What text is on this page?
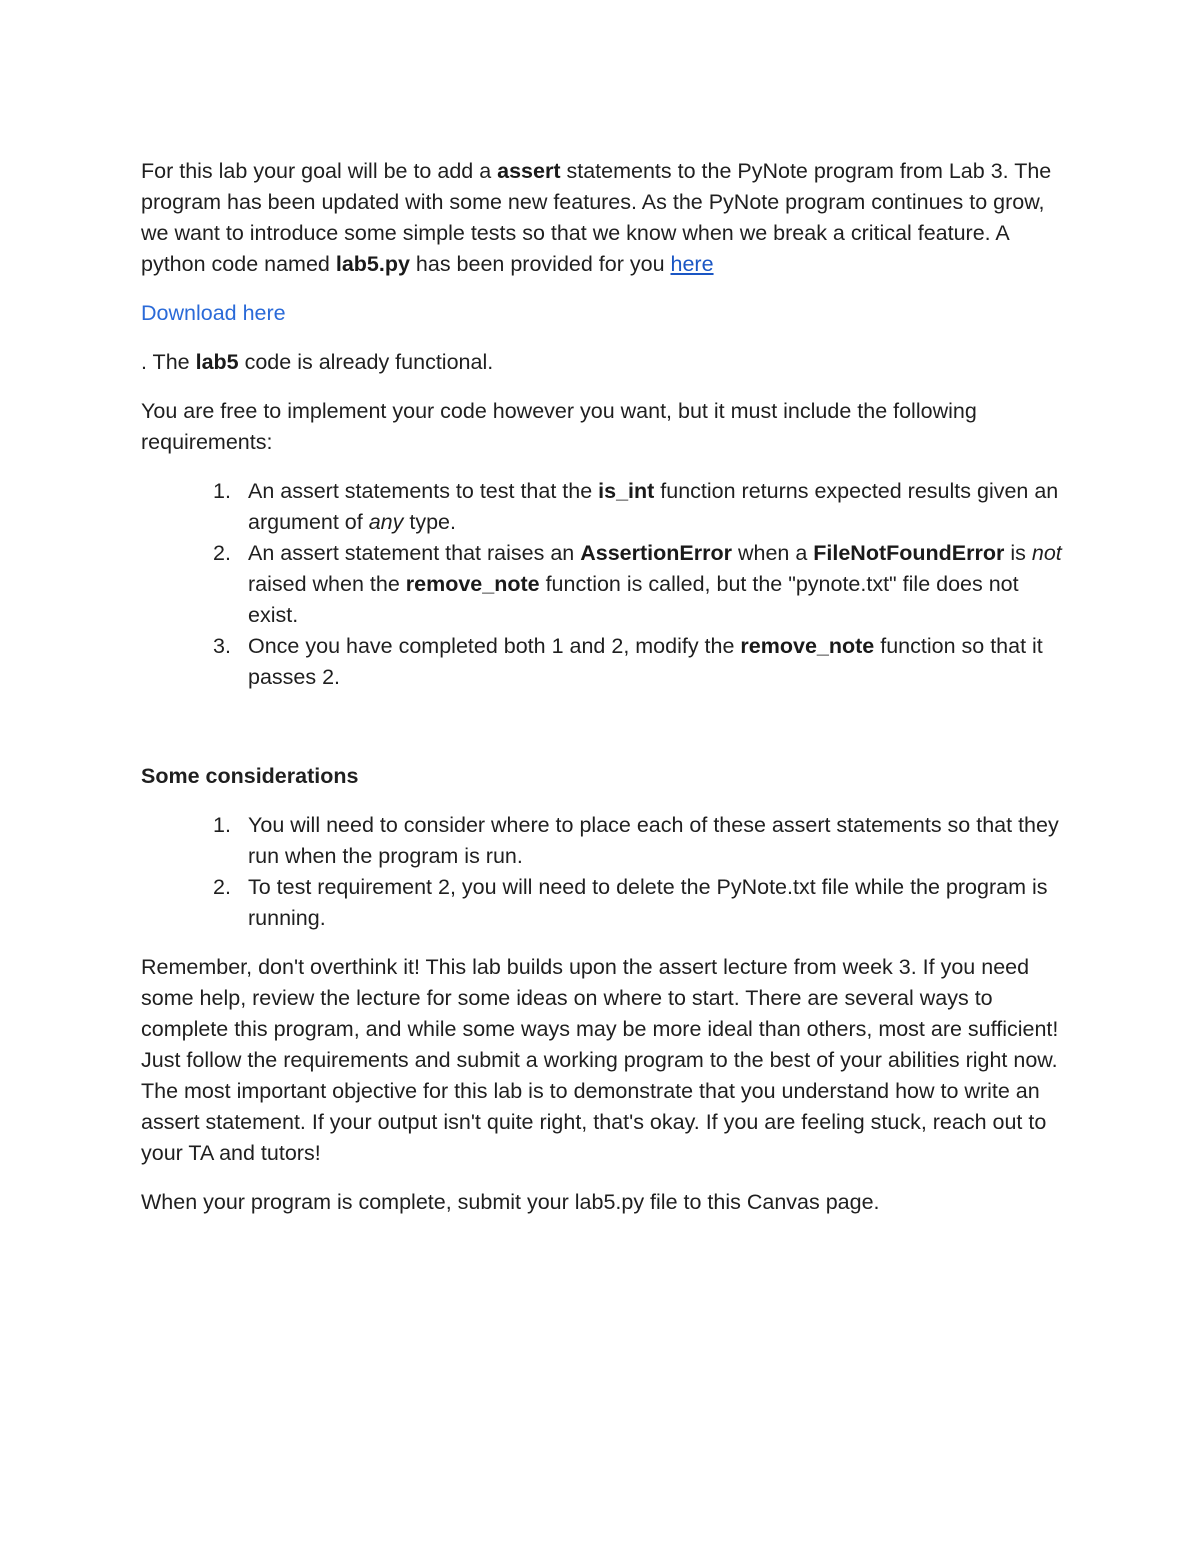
For this lab your goal will be to add a assert statements to the PyNote program from Lab 3. The program has been updated with some new features. As the PyNote program continues to grow, we want to introduce some simple tests so that we know when we break a critical feature. A python code named lab5.py has been provided for you here

Download here

. The lab5 code is already functional.

You are free to implement your code however you want, but it must include the following requirements:

1. An assert statements to test that the is_int function returns expected results given an argument of any type.
2. An assert statement that raises an AssertionError when a FileNotFoundError is not raised when the remove_note function is called, but the "pynote.txt" file does not exist.
3. Once you have completed both 1 and 2, modify the remove_note function so that it passes 2.

Some considerations

1. You will need to consider where to place each of these assert statements so that they run when the program is run.
2. To test requirement 2, you will need to delete the PyNote.txt file while the program is running.

Remember, don't overthink it! This lab builds upon the assert lecture from week 3. If you need some help, review the lecture for some ideas on where to start. There are several ways to complete this program, and while some ways may be more ideal than others, most are sufficient! Just follow the requirements and submit a working program to the best of your abilities right now. The most important objective for this lab is to demonstrate that you understand how to write an assert statement. If your output isn't quite right, that's okay. If you are feeling stuck, reach out to your TA and tutors!

When your program is complete, submit your lab5.py file to this Canvas page.
